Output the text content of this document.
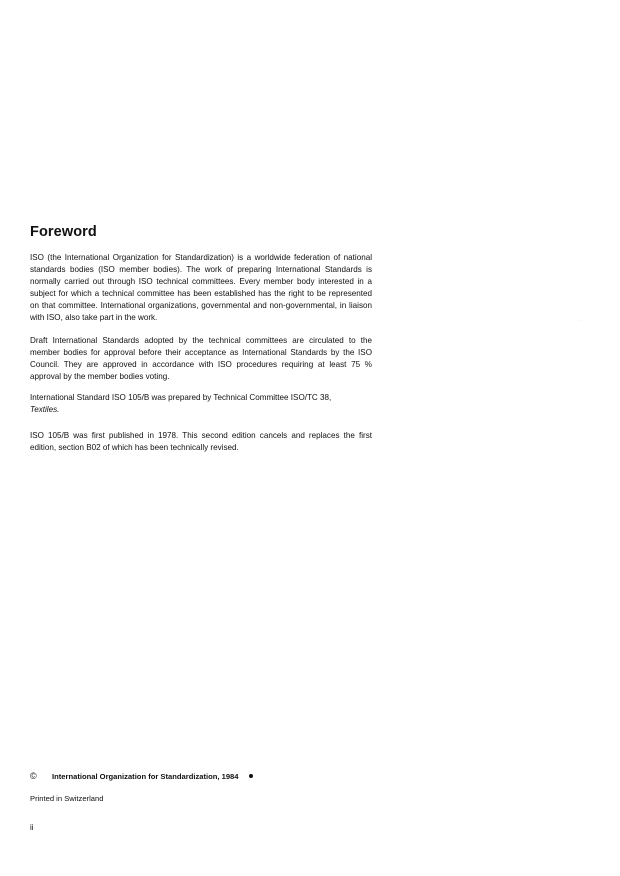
Foreword

ISO (the International Organization for Standardization) is a worldwide federation of national standards bodies (ISO member bodies). The work of preparing International Standards is normally carried out through ISO technical committees. Every member body interested in a subject for which a technical committee has been established has the right to be represented on that committee. International organizations, governmental and non-governmental, in liaison with ISO, also take part in the work.

Draft International Standards adopted by the technical committees are circulated to the member bodies for approval before their acceptance as International Standards by the ISO Council. They are approved in accordance with ISO procedures requiring at least 75 % approval by the member bodies voting.

International Standard ISO 105/B was prepared by Technical Committee ISO/TC 38,
Textiles.

ISO 105/B was first published in 1978. This second edition cancels and replaces the first edition, section B02 of which has been technically revised.

© International Organization for Standardization, 1984
Printed in Switzerland
ii
·
·
